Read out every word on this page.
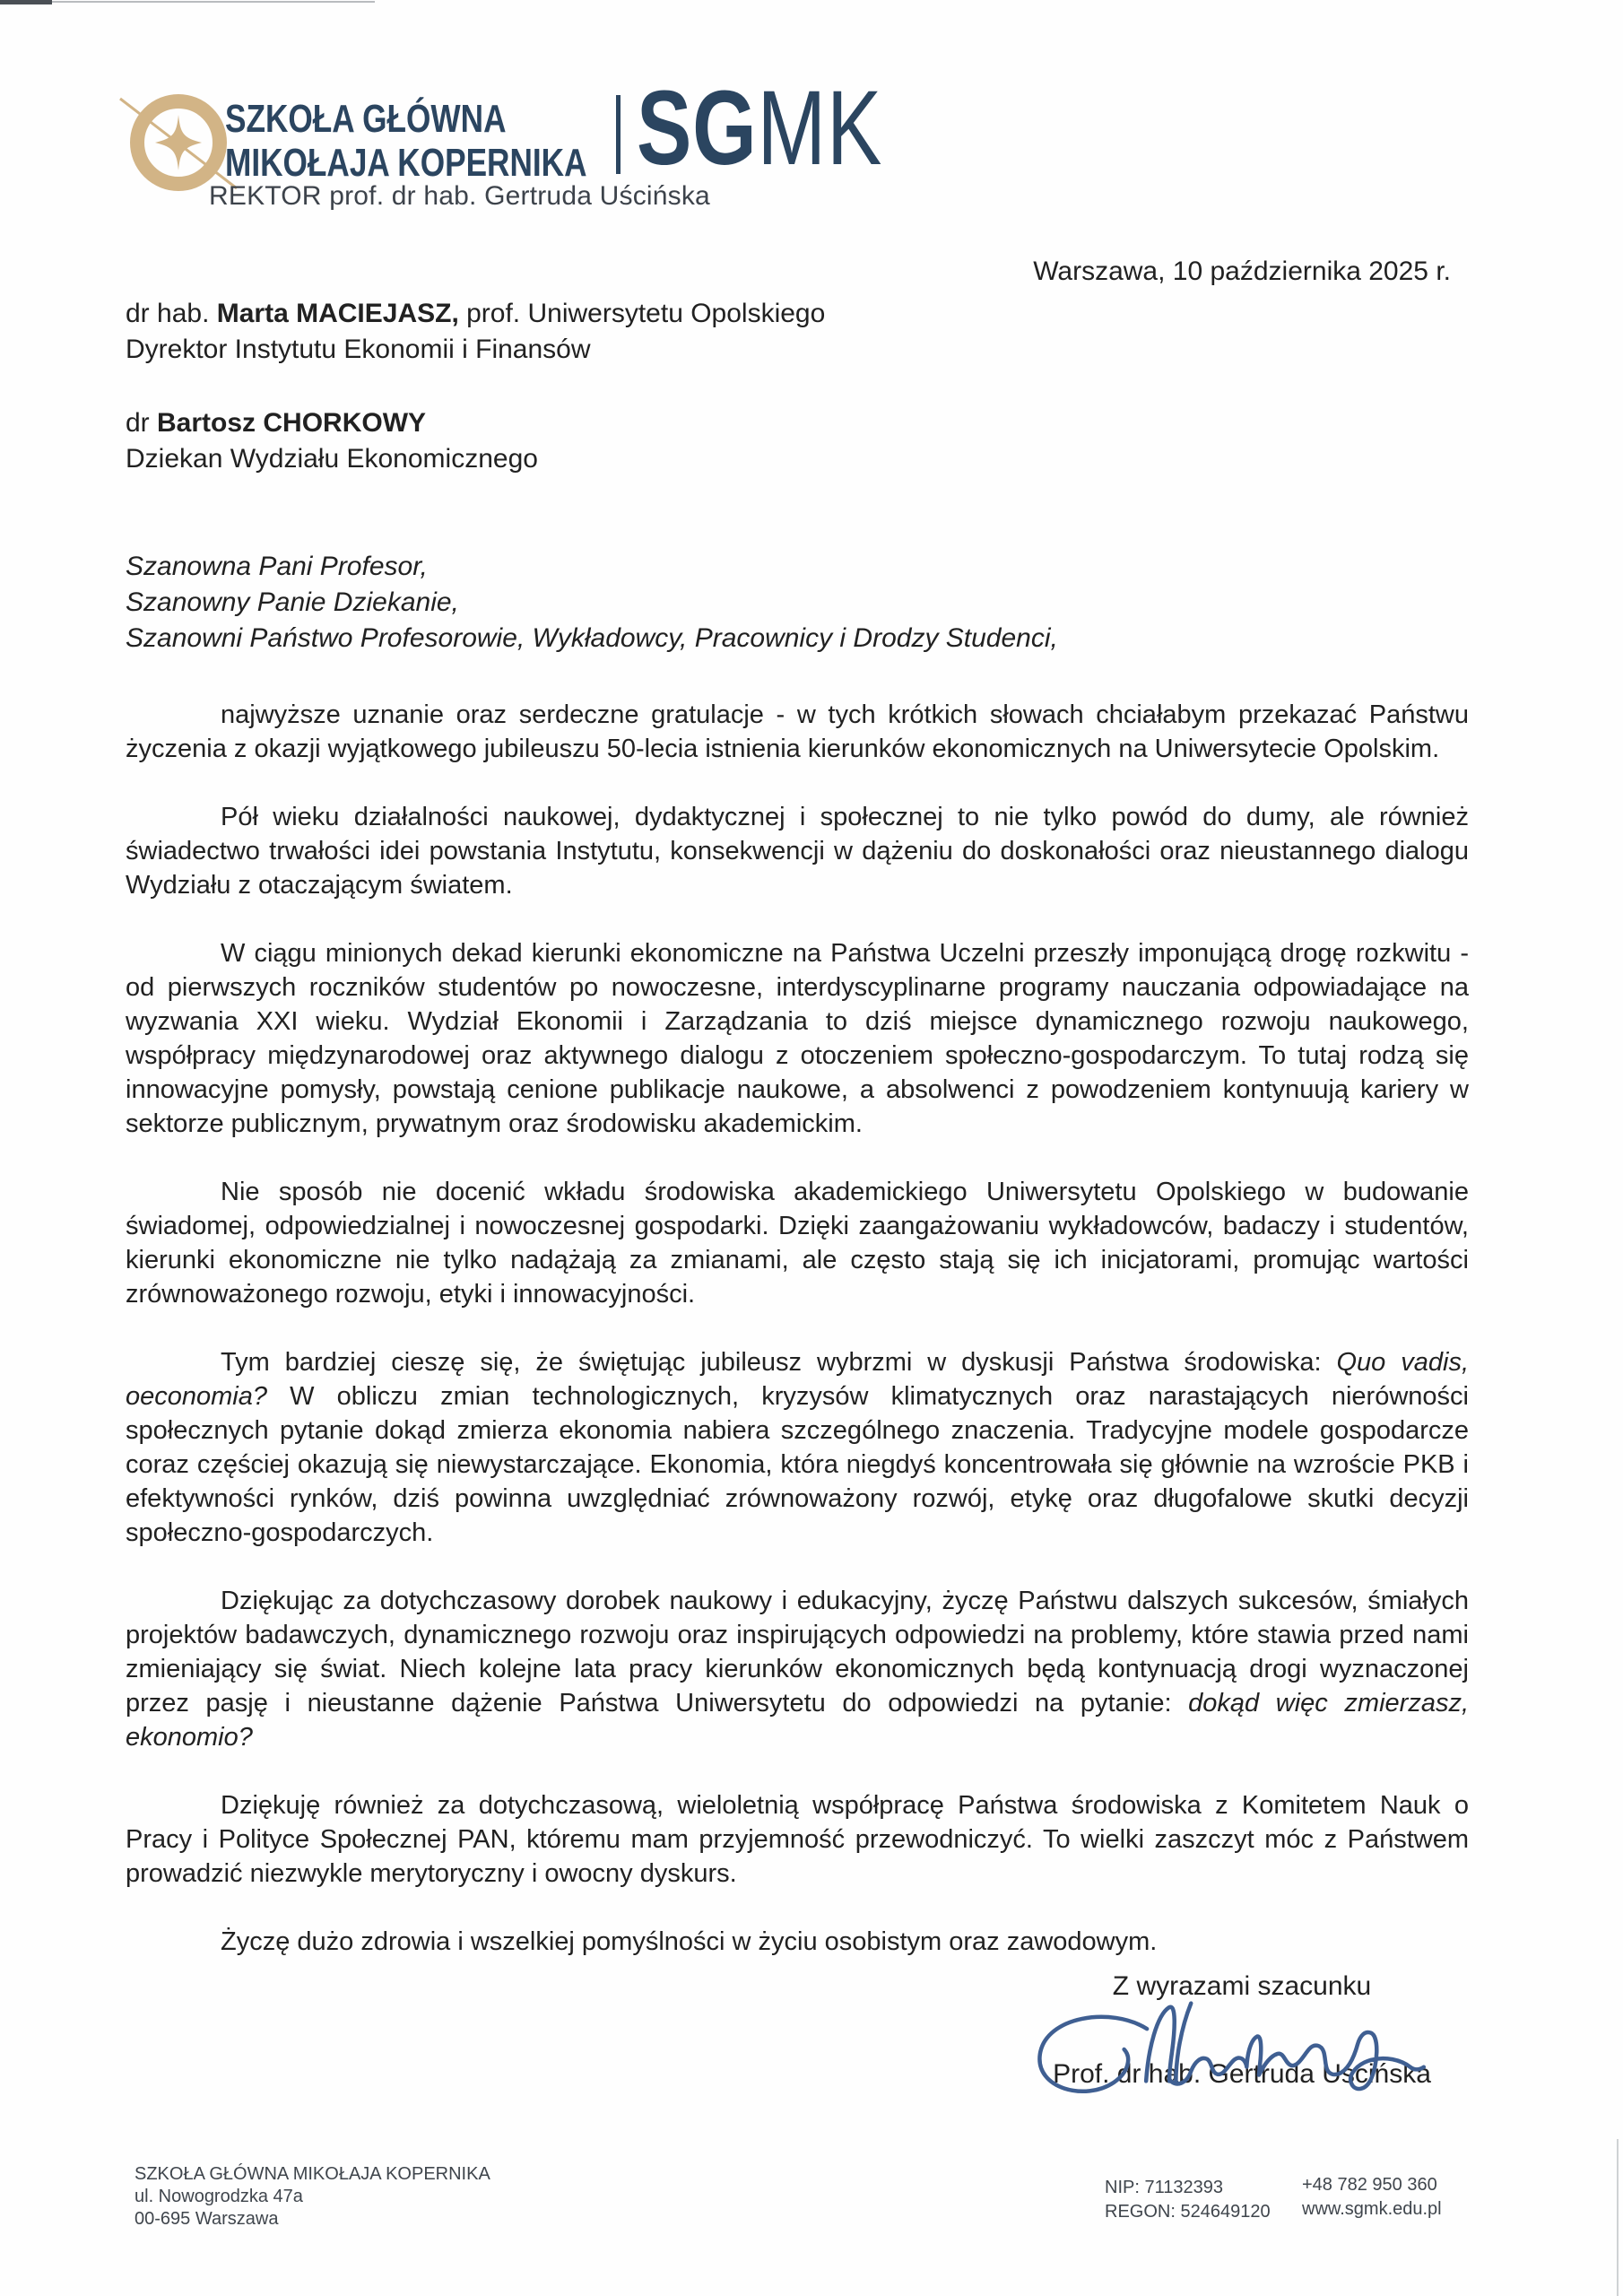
SZKOŁA GŁÓWNA
MIKOŁAJA KOPERNIKA SGMK
REKTOR prof. dr hab. Gertruda Uścińska
Warszawa, 10 października 2025 r.
dr hab. Marta MACIEJASZ, prof. Uniwersytetu Opolskiego
Dyrektor Instytutu Ekonomii i Finansów
dr Bartosz CHORKOWY
Dziekan Wydziału Ekonomicznego
Szanowna Pani Profesor,
Szanowny Panie Dziekanie,
Szanowni Państwo Profesorowie, Wykładowcy, Pracownicy i Drodzy Studenci,

najwyższe uznanie oraz serdeczne gratulacje - w tych krótkich słowach chciałabym przekazać Państwu życzenia z okazji wyjątkowego jubileuszu 50-lecia istnienia kierunków ekonomicznych na Uniwersytecie Opolskim.

Pół wieku działalności naukowej, dydaktycznej i społecznej to nie tylko powód do dumy, ale również świadectwo trwałości idei powstania Instytutu, konsekwencji w dążeniu do doskonałości oraz nieustannego dialogu Wydziału z otaczającym światem.

W ciągu minionych dekad kierunki ekonomiczne na Państwa Uczelni przeszły imponującą drogę rozkwitu - od pierwszych roczników studentów po nowoczesne, interdyscyplinarne programy nauczania odpowiadające na wyzwania XXI wieku. Wydział Ekonomii i Zarządzania to dziś miejsce dynamicznego rozwoju naukowego, współpracy międzynarodowej oraz aktywnego dialogu z otoczeniem społeczno-gospodarczym. To tutaj rodzą się innowacyjne pomysły, powstają cenione publikacje naukowe, a absolwenci z powodzeniem kontynuują kariery w sektorze publicznym, prywatnym oraz środowisku akademickim.

Nie sposób nie docenić wkładu środowiska akademickiego Uniwersytetu Opolskiego w budowanie świadomej, odpowiedzialnej i nowoczesnej gospodarki. Dzięki zaangażowaniu wykładowców, badaczy i studentów, kierunki ekonomiczne nie tylko nadążają za zmianami, ale często stają się ich inicjatorami, promując wartości zrównoważonego rozwoju, etyki i innowacyjności.

Tym bardziej cieszę się, że świętując jubileusz wybrzmi w dyskusji Państwa środowiska: Quo vadis, oeconomia? W obliczu zmian technologicznych, kryzysów klimatycznych oraz narastających nierówności społecznych pytanie dokąd zmierza ekonomia nabiera szczególnego znaczenia. Tradycyjne modele gospodarcze coraz częściej okazują się niewystarczające. Ekonomia, która niegdyś koncentrowała się głównie na wzroście PKB i efektywności rynków, dziś powinna uwzględniać zrównoważony rozwój, etykę oraz długofalowe skutki decyzji społeczno-gospodarczych.

Dziękując za dotychczasowy dorobek naukowy i edukacyjny, życzę Państwu dalszych sukcesów, śmiałych projektów badawczych, dynamicznego rozwoju oraz inspirujących odpowiedzi na problemy, które stawia przed nami zmieniający się świat. Niech kolejne lata pracy kierunków ekonomicznych będą kontynuacją drogi wyznaczonej przez pasję i nieustanne dążenie Państwa Uniwersytetu do odpowiedzi na pytanie: dokąd więc zmierzasz, ekonomio?

Dziękuję również za dotychczasową, wieloletnią współpracę Państwa środowiska z Komitetem Nauk o Pracy i Polityce Społecznej PAN, któremu mam przyjemność przewodniczyć. To wielki zaszczyt móc z Państwem prowadzić niezwykle merytoryczny i owocny dyskurs.

Życzę dużo zdrowia i wszelkiej pomyślności w życiu osobistym oraz zawodowym.

Z wyrazami szacunku
Prof. dr hab. Gertruda Uścińska
SZKOŁA GŁÓWNA MIKOŁAJA KOPERNIKA
ul. Nowogrodzka 47a
00-695 Warszawa
NIP: 71132393
REGON: 524649120
+48 782 950 360
www.sgmk.edu.pl
